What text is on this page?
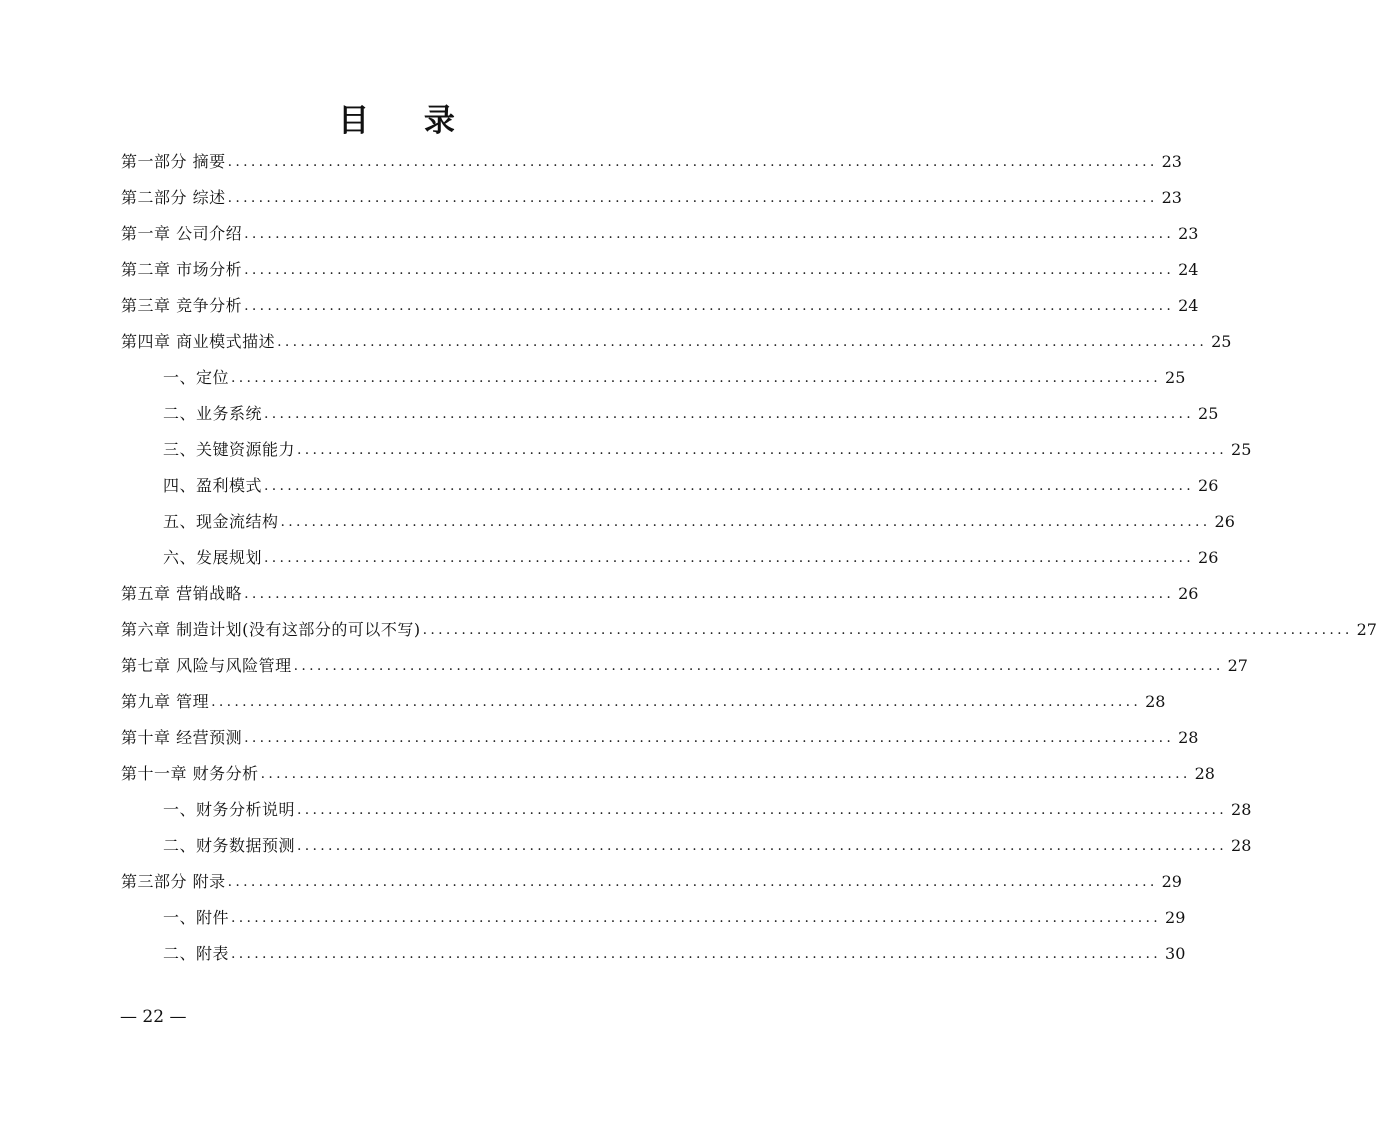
目 录
第一部分 摘要 ........................................................................................................................ 23
第二部分 综述 ........................................................................................................................ 23
第一章 公司介绍 ........................................................................................................................ 23
第二章 市场分析 ........................................................................................................................ 24
第三章 竞争分析 ........................................................................................................................ 24
第四章 商业模式描述 ........................................................................................................................ 25
一、定位 ........................................................................................................................ 25
二、业务系统 ........................................................................................................................ 25
三、关键资源能力 ........................................................................................................................ 25
四、盈利模式 ........................................................................................................................ 26
五、现金流结构 ........................................................................................................................ 26
六、发展规划 ........................................................................................................................ 26
第五章 营销战略 ........................................................................................................................ 26
第六章 制造计划(没有这部分的可以不写) ........................................................................................................................ 27
第七章 风险与风险管理 ........................................................................................................................ 27
第九章 管理 ........................................................................................................................ 28
第十章 经营预测 ........................................................................................................................ 28
第十一章 财务分析 ........................................................................................................................ 28
一、财务分析说明 ........................................................................................................................ 28
二、财务数据预测 ........................................................................................................................ 28
第三部分 附录 ........................................................................................................................ 29
一、附件 ........................................................................................................................ 29
二、附表 ........................................................................................................................ 30
— 22 —
